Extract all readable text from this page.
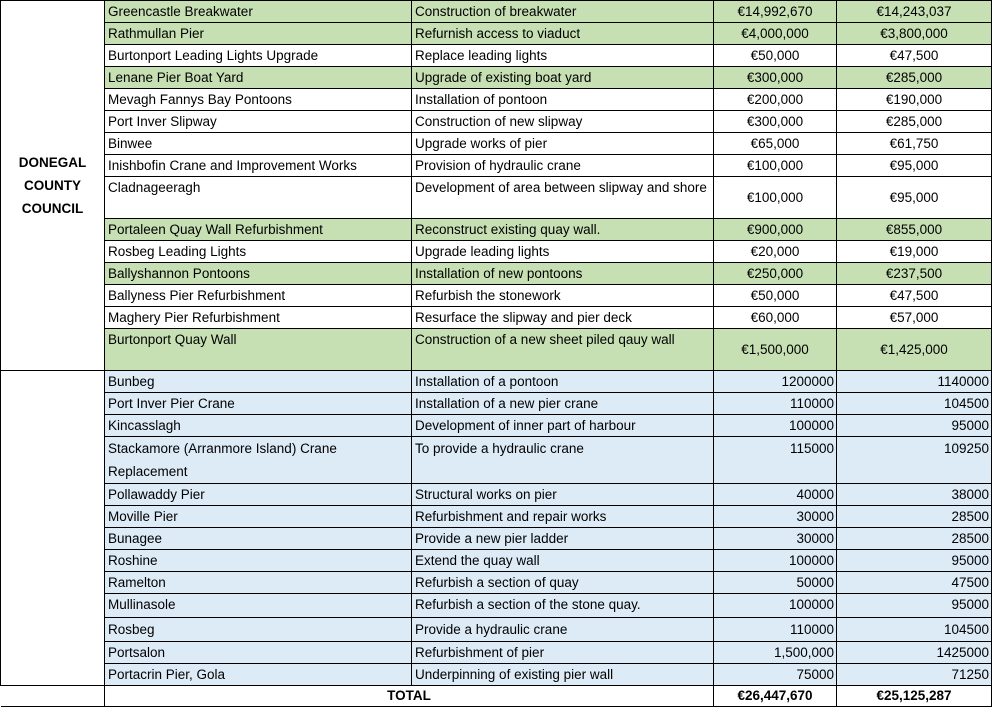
DONEGAL COUNTY COUNCIL	Greencastle Breakwater	Construction of breakwater	€14,992,670	€14,243,037
	Rathmullan Pier	Refurnish access to viaduct	€4,000,000	€3,800,000
	Burtonport Leading Lights Upgrade	Replace leading lights	€50,000	€47,500
	Lenane Pier Boat Yard	Upgrade of existing boat yard	€300,000	€285,000
	Mevagh Fannys Bay Pontoons	Installation of pontoon	€200,000	€190,000
	Port Inver Slipway	Construction of new slipway	€300,000	€285,000
	Binwee	Upgrade works of pier	€65,000	€61,750
	Inishbofin Crane and Improvement Works	Provision of hydraulic crane	€100,000	€95,000
	Cladnageeragh	Development of area between slipway and shore	€100,000	€95,000
	Portaleen Quay Wall Refurbishment	Reconstruct existing quay wall.	€900,000	€855,000
	Rosbeg Leading Lights	Upgrade leading lights	€20,000	€19,000
	Ballyshannon Pontoons	Installation of new pontoons	€250,000	€237,500
	Ballyness Pier Refurbishment	Refurbish the stonework	€50,000	€47,500
	Maghery Pier Refurbishment	Resurface the slipway and pier deck	€60,000	€57,000
	Burtonport Quay Wall	Construction of a new sheet piled qauy wall	€1,500,000	€1,425,000
	Bunbeg	Installation of a pontoon	1200000	1140000
	Port Inver Pier Crane	Installation of a new pier crane	110000	104500
	Kincasslagh	Development of inner part of harbour	100000	95000
	Stackamore (Arranmore Island) Crane Replacement	To provide a hydraulic crane	115000	109250
	Pollawaddy Pier	Structural works on pier	40000	38000
	Moville Pier	Refurbishment and repair works	30000	28500
	Bunagee	Provide a new pier ladder	30000	28500
	Roshine	Extend the quay wall	100000	95000
	Ramelton	Refurbish a section of quay	50000	47500
	Mullinasole	Refurbish a section of the stone quay.	100000	95000
	Rosbeg	Provide a hydraulic crane	110000	104500
	Portsalon	Refurbishment of pier	1,500,000	1425000
	Portacrin Pier, Gola	Underpinning of existing pier wall	75000	71250
	TOTAL		€26,447,670	€25,125,287
